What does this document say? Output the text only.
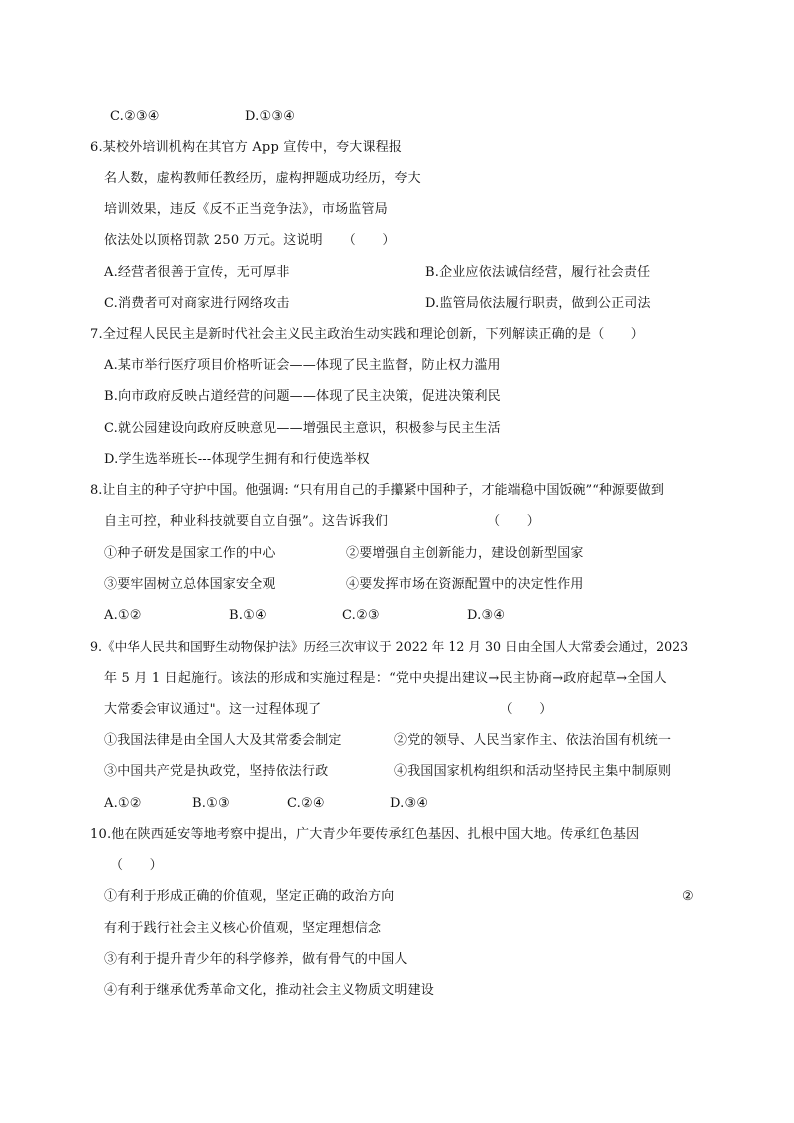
C.②③④	D.①③④
6.某校外培训机构在其官方 App 宣传中，夸大课程报
名人数，虚构教师任教经历，虚构押题成功经历，夸大
培训效果，违反《反不正当竞争法》，市场监管局
依法处以顶格罚款 250 万元。这说明　　（　　）
A.经营者很善于宣传，无可厚非	B.企业应依法诚信经营，履行社会责任
C.消费者可对商家进行网络攻击	D.监管局依法履行职责，做到公正司法
7.全过程人民民主是新时代社会主义民主政治生动实践和理论创新，下列解读正确的是（　　）
A.某市举行医疗项目价格听证会——体现了民主监督，防止权力滥用
B.向市政府反映占道经营的问题——体现了民主决策，促进决策利民
C.就公园建设向政府反映意见——增强民主意识，积极参与民主生活
D.学生选举班长---体现学生拥有和行使选举权
8.让自主的种子守护中国。他强调: “只有用自己的手攥紧中国种子，才能端稳中国饭碗”“种源要做到
自主可控，种业科技就要自立自强”。这告诉我们　　　　　　　　（　　）
①种子研发是国家工作的中心	②要增强自主创新能力，建设创新型国家
③要牢固树立总体国家安全观	④要发挥市场在资源配置中的决定性作用
A.①②	B.①④	C.②③	D.③④
9.《中华人民共和国野生动物保护法》历经三次审议于 2022 年 12 月 30 日由全国人大常委会通过，2023
年 5 月 1 日起施行。该法的形成和实施过程是：“党中央提出建议→民主协商→政府起草→全国人
大常委会审议通过"。这一过程体现了　　　　　　　　　　　　　　（　　）
①我国法律是由全国人大及其常委会制定	②党的领导、人民当家作主、依法治国有机统一
③中国共产党是执政党，坚持依法行政	④我国国家机构组织和活动坚持民主集中制原则
A.①②	B.①③	C.②④	D.③④
10.他在陕西延安等地考察中提出，广大青少年要传承红色基因、扎根中国大地。传承红色基因
（　　）
①有利于形成正确的价值观，坚定正确的政治方向	②
有利于践行社会主义核心价值观，坚定理想信念
③有利于提升青少年的科学修养，做有骨气的中国人
④有利于继承优秀革命文化，推动社会主义物质文明建设
